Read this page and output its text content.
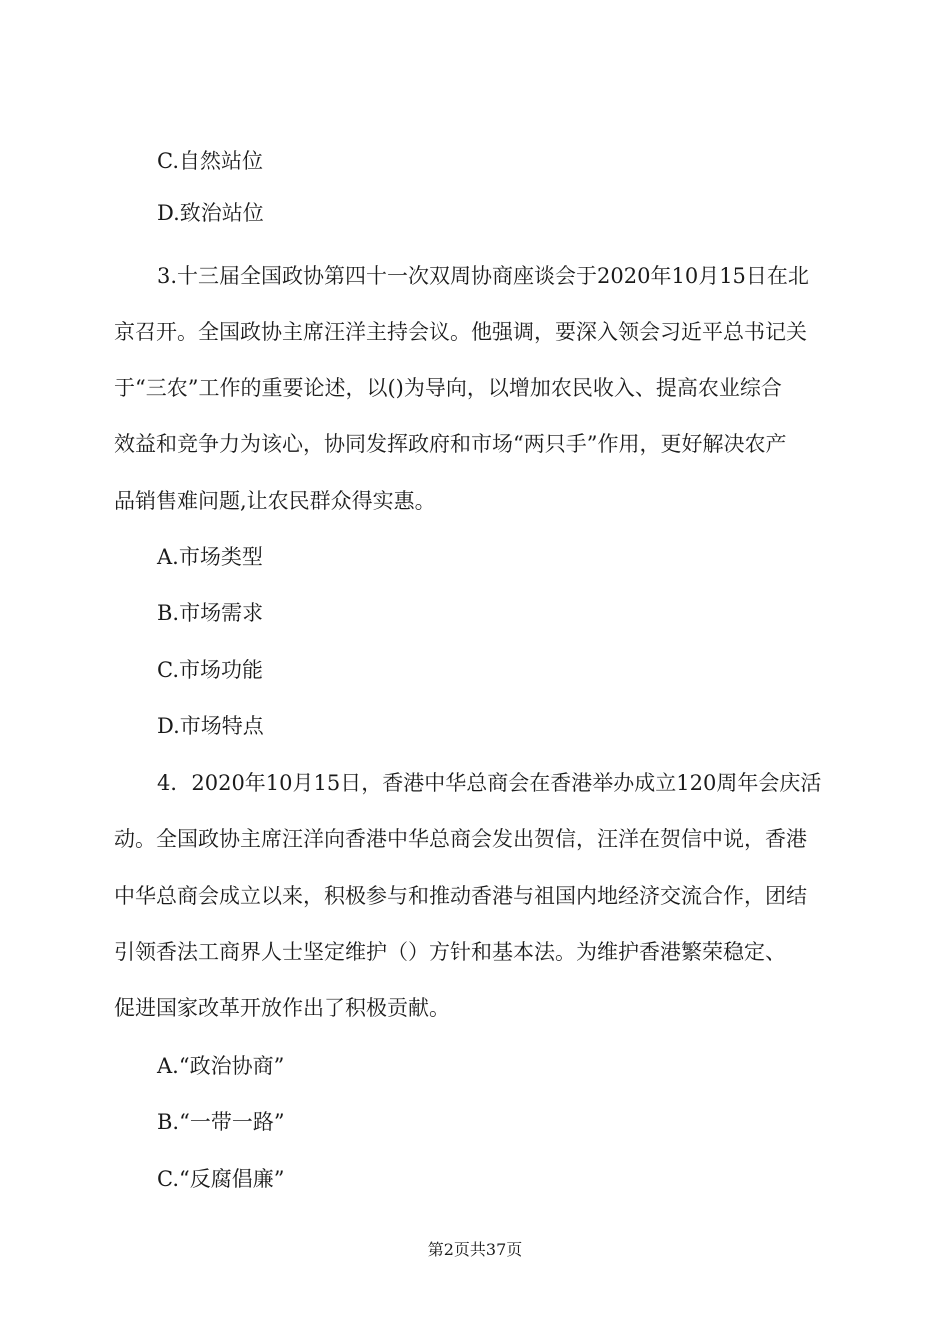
C.自然站位
D.致治站位
3.十三届全国政协第四十一次双周协商座谈会于2020年10月15日在北
京召开。全国政协主席汪洋主持会议。他强调，要深入领会习近平总书记关
于“三农”工作的重要论述，以()为导向，以增加农民收入、提高农业综合
效益和竞争力为该心，协同发挥政府和市场“两只手”作用，更好解决农产
品销售难问题,让农民群众得实惠。
A.市场类型
B.市场需求
C.市场功能
D.市场特点
4．2020年10月15日，香港中华总商会在香港举办成立120周年会庆活
动。全国政协主席汪洋向香港中华总商会发出贺信，汪洋在贺信中说，香港
中华总商会成立以来，积极参与和推动香港与祖国内地经济交流合作，团结
引领香法工商界人士坚定维护（）方针和基本法。为维护香港繁荣稳定、
促进国家改革开放作出了积极贡献。
A.“政治协商”
B.“一带一路”
C.“反腐倡廉”
第2页共37页
